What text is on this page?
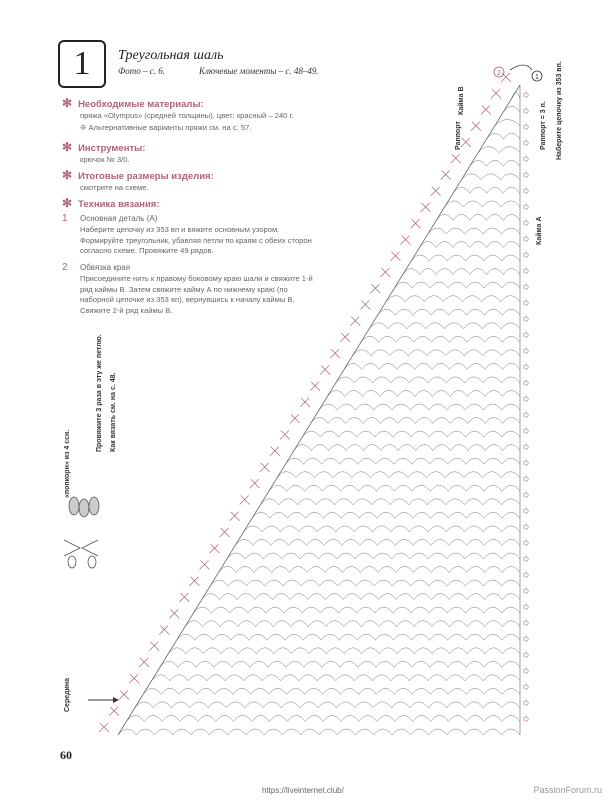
1 Треугольная шаль
Фото – с. 6.	Ключевые моменты – с. 48–49.
✻ Необходимые материалы:

пряжа «Olympus» (средней толщины), цвет: красный – 240 г.

❊ Альтернативные варианты пряжи см. на с. 57.

✻ Инструменты:

крючок № 3/0.

✻ Итоговые размеры изделия:

смотрите на схеме.

✻ Техника вязания:
1 Основная деталь (А)
Наберите цепочку из 353 вп и вяжите основным узором. Формируйте треугольник, убавляя петли по краям с обеих сторон согласно схеме. Провяжите 49 рядов.
2 Обвязка края
Присоедините нить к правому боковому краю шали и свяжите 1-й ряд каймы В. Затем свяжите кайму А по нижнему краю (по наборной цепочке из 353 вп), вернувшись к началу каймы В. Свяжите 2-й ряд каймы В.
1
2
Раппорт
Кайма В
Раппорт = 3 п. Наберите цепочку из 353 вп.
Кайма А
Середина
«попкорн» из 4 ссн.
Провяжите 3 раза в эту же петлю. Как вязать см. на с. 48.
60
https://liveinternet.club/	PassionForum.ru
